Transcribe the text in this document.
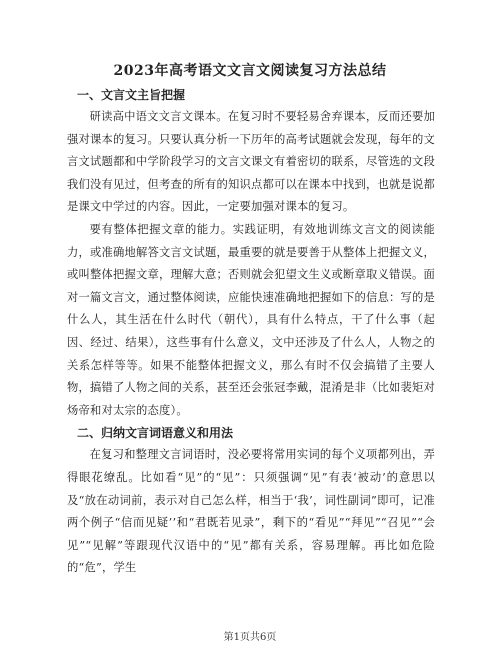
2023年高考语文文言文阅读复习方法总结

一、文言文主旨把握

研读高中语文文言文课本。在复习时不要轻易舍弃课本，反而还要加强对课本的复习。只要认真分析一下历年的高考试题就会发现，每年的文言文试题都和中学阶段学习的文言文课文有着密切的联系，尽管选的文段我们没有见过，但考查的所有的知识点都可以在课本中找到，也就是说都是课文中学过的内容。因此，一定要加强对课本的复习。

要有整体把握文章的能力。实践证明，有效地训练文言文的阅读能力，或准确地解答文言文试题，最重要的就是要善于从整体上把握文义，或叫整体把握文章，理解大意；否则就会犯望文生义或断章取义错误。面对一篇文言文，通过整体阅读，应能快速准确地把握如下的信息：写的是什么人，其生活在什么时代（朝代），具有什么特点，干了什么事（起因、经过、结果），这些事有什么意义，文中还涉及了什么人，人物之的关系怎样等等。如果不能整体把握文义，那么有时不仅会搞错了主要人物，搞错了人物之间的关系，甚至还会张冠李戴，混淆是非（比如裴矩对炀帝和对太宗的态度）。

二、归纳文言词语意义和用法

在复习和整理文言词语时，没必要将常用实词的每个义项都列出，弄得眼花缭乱。比如看“见”的“见”：只须强调“见”有表‘被动’的意思以及“放在动词前，表示对自己怎么样，相当于‘我’，词性副词”即可，记准两个例子“信而见疑’’和“君既若见录”，剩下的“看见”“拜见”“召见”“会见”“见解”等跟现代汉语中的“见”都有关系，容易理解。再比如危险的“危”，学生

第1页共6页
